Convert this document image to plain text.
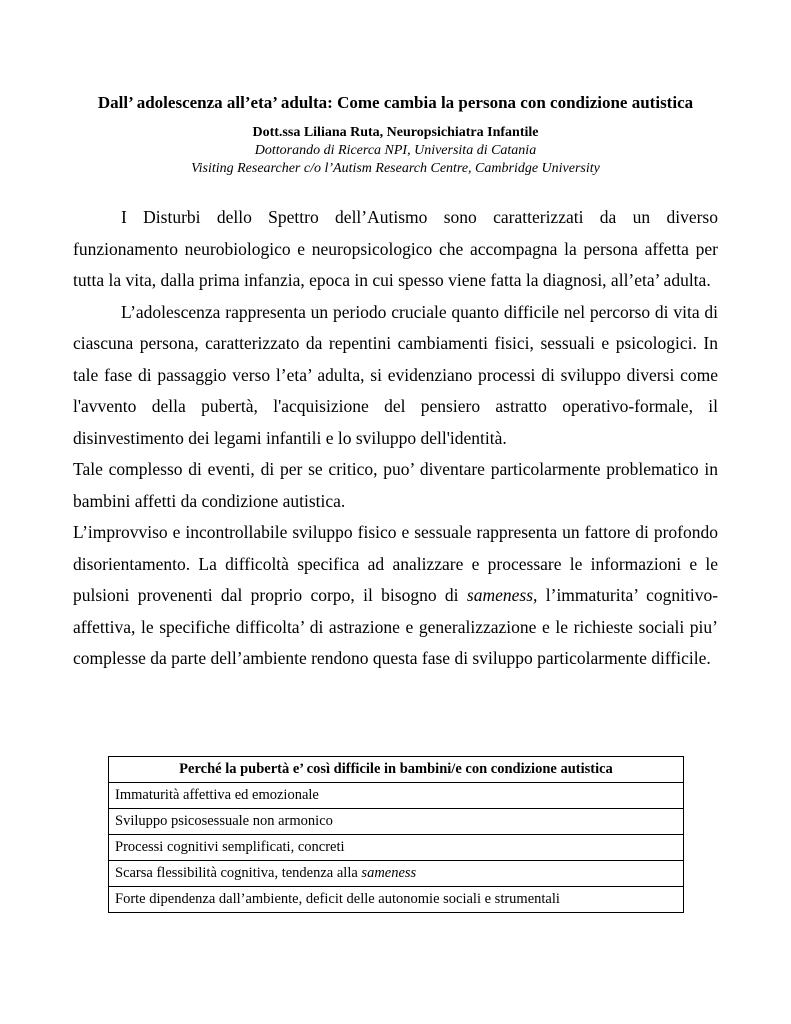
Dall’ adolescenza all’eta’ adulta: Come cambia la persona con condizione autistica
Dott.ssa Liliana Ruta, Neuropsichiatra Infantile
Dottorando di Ricerca NPI, Universita di Catania
Visiting Researcher c/o l’Autism Research Centre, Cambridge University

I Disturbi dello Spettro dell’Autismo sono caratterizzati da un diverso funzionamento neurobiologico e neuropsicologico che accompagna la persona affetta per tutta la vita, dalla prima infanzia, epoca in cui spesso viene fatta la diagnosi, all’eta’ adulta.

L’adolescenza rappresenta un periodo cruciale quanto difficile nel percorso di vita di ciascuna persona, caratterizzato da repentini cambiamenti fisici, sessuali e psicologici. In tale fase di passaggio verso l’eta’ adulta, si evidenziano processi di sviluppo diversi come l'avvento della pubertà, l'acquisizione del pensiero astratto operativo-formale, il disinvestimento dei legami infantili e lo sviluppo dell'identità.

Tale complesso di eventi, di per se critico, puo’ diventare particolarmente problematico in bambini affetti da condizione autistica.

L’improvviso e incontrollabile sviluppo fisico e sessuale rappresenta un fattore di profondo disorientamento. La difficoltà specifica ad analizzare e processare le informazioni e le pulsioni provenenti dal proprio corpo, il bisogno di sameness, l’immaturita’ cognitivo-affettiva, le specifiche difficolta’ di astrazione e generalizzazione e le richieste sociali piu’ complesse da parte dell’ambiente rendono questa fase di sviluppo particolarmente difficile.

Perché la pubertà e’ così difficile in bambini/e con condizione autistica
Immaturità affettiva ed emozionale
Sviluppo psicosessuale non armonico
Processi cognitivi semplificati, concreti
Scarsa flessibilità cognitiva, tendenza alla sameness
Forte dipendenza dall’ambiente, deficit delle autonomie sociali e strumentali
